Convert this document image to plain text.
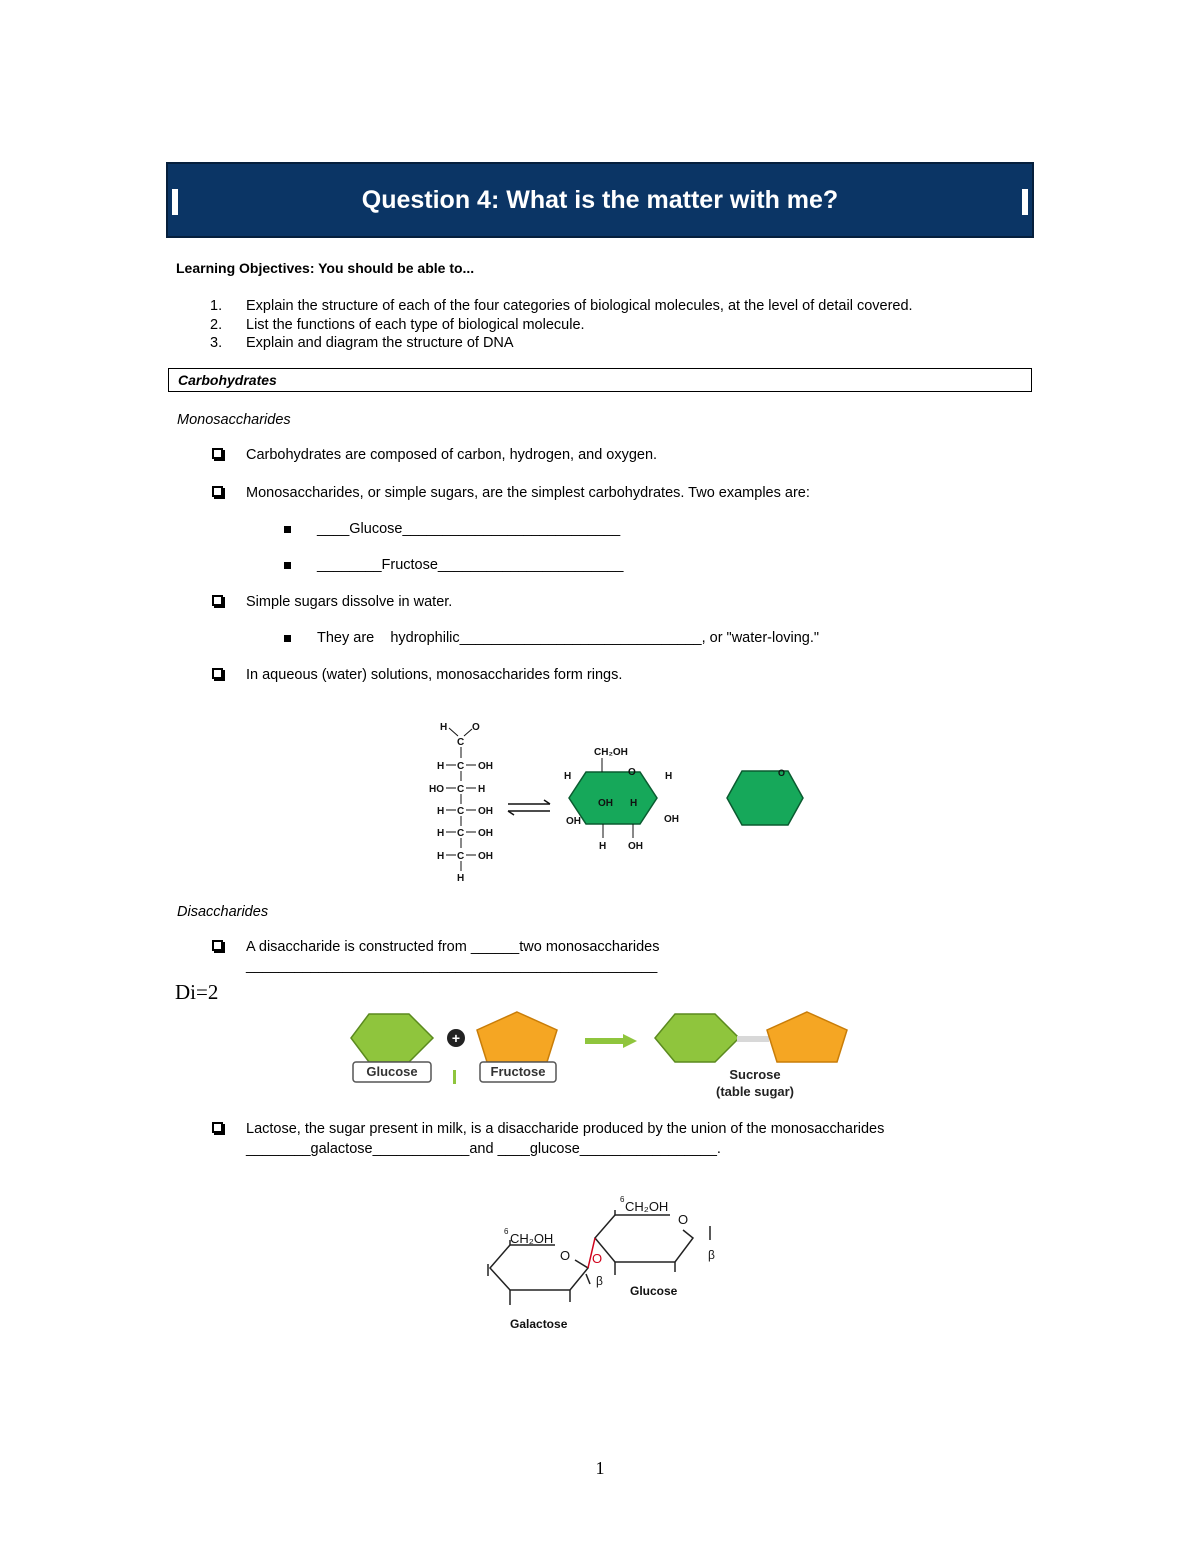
Question 4: What is the matter with me?
Learning Objectives: You should be able to...
1.	Explain the structure of each of the four categories of biological molecules, at the level of detail covered.
2.	List the functions of each type of biological molecule.
3.	Explain and diagram the structure of DNA
Carbohydrates
Monosaccharides
Carbohydrates are composed of carbon, hydrogen, and oxygen.
Monosaccharides, or simple sugars, are the simplest carbohydrates. Two examples are:
____Glucose___________________________
________Fructose_______________________
Simple sugars dissolve in water.
They are    hydrophilic______________________________, or "water-loving."
In aqueous (water) solutions, monosaccharides form rings.
H O
C
H C OH
HO C H
H C OH
H C OH
H C OH
H
CH₂OH
O
H	H
OH H
OH	OH
H OH
O
Disaccharides
A disaccharide is constructed from ______two monosaccharides
___________________________________________________
Di=2
Glucose
+
Fructose	Sucrose
(table sugar)
Lactose, the sugar present in milk, is a disaccharide produced by the union of the monosaccharides
________galactose____________and ____glucose_________________.
6 CH₂OH
O
β
Galactose
O
6 CH₂OH
O
β
Glucose
1
